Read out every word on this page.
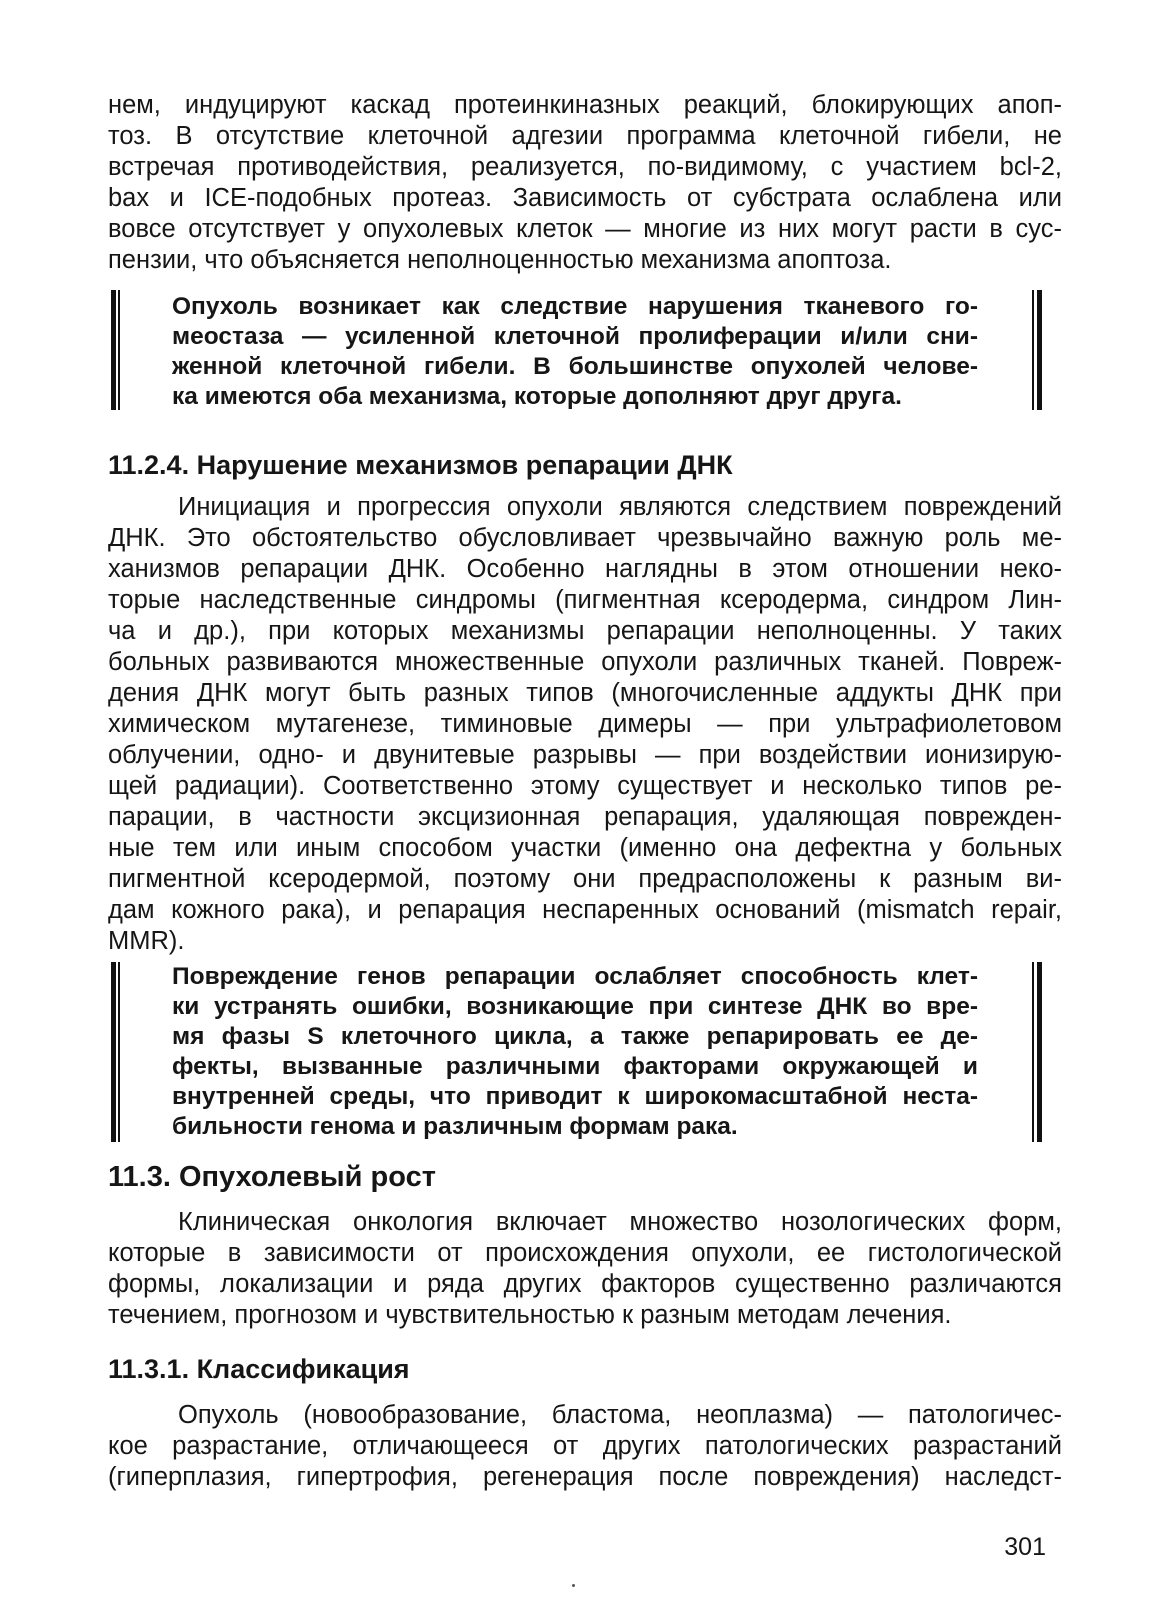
нем, индуцируют каскад протеинкиназных реакций, блокирующих апоп-
тоз. В отсутствие клеточной адгезии программа клеточной гибели, не
встречая противодействия, реализуется, по-видимому, с участием bcl-2,
bax и ICE-подобных протеаз. Зависимость от субстрата ослаблена или
вовсе отсутствует у опухолевых клеток — многие из них могут расти в сус-
пензии, что объясняется неполноценностью механизма апоптоза.
Опухоль возникает как следствие нарушения тканевого го-
меостаза — усиленной клеточной пролиферации и/или сни-
женной клеточной гибели. В большинстве опухолей челове-
ка имеются оба механизма, которые дополняют друг друга.
11.2.4. Нарушение механизмов репарации ДНК
Инициация и прогрессия опухоли являются следствием повреждений
ДНК. Это обстоятельство обусловливает чрезвычайно важную роль ме-
ханизмов репарации ДНК. Особенно наглядны в этом отношении неко-
торые наследственные синдромы (пигментная ксеродерма, синдром Лин-
ча и др.), при которых механизмы репарации неполноценны. У таких
больных развиваются множественные опухоли различных тканей. Повреж-
дения ДНК могут быть разных типов (многочисленные аддукты ДНК при
химическом мутагенезе, тиминовые димеры — при ультрафиолетовом
облучении, одно- и двунитевые разрывы — при воздействии ионизирую-
щей радиации). Соответственно этому существует и несколько типов ре-
парации, в частности эксцизионная репарация, удаляющая поврежден-
ные тем или иным способом участки (именно она дефектна у больных
пигментной ксеродермой, поэтому они предрасположены к разным ви-
дам кожного рака), и репарация неспаренных оснований (mismatch repair,
MMR).
Повреждение генов репарации ослабляет способность клет-
ки устранять ошибки, возникающие при синтезе ДНК во вре-
мя фазы S клеточного цикла, а также репарировать ее де-
фекты, вызванные различными факторами окружающей и
внутренней среды, что приводит к широкомасштабной неста-
бильности генома и различным формам рака.
11.3. Опухолевый рост
Клиническая онкология включает множество нозологических форм,
которые в зависимости от происхождения опухоли, ее гистологической
формы, локализации и ряда других факторов существенно различаются
течением, прогнозом и чувствительностью к разным методам лечения.
11.3.1. Классификация
Опухоль (новообразование, бластома, неоплазма) — патологичес-
кое разрастание, отличающееся от других патологических разрастаний
(гиперплазия, гипертрофия, регенерация после повреждения) наследст-
301
